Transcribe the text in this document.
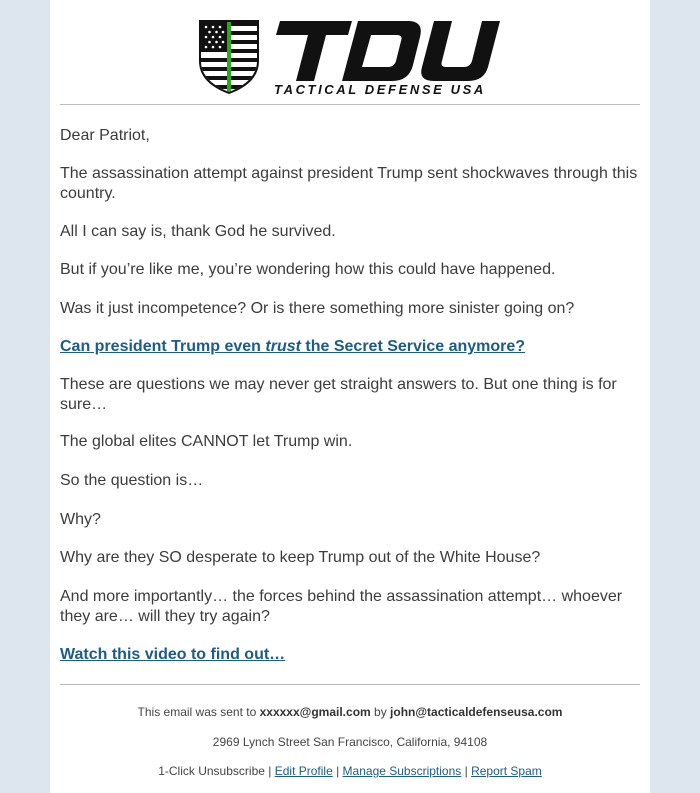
TACTICAL DEFENSE USA

Dear Patriot,

The assassination attempt against president Trump sent shockwaves through this country.

All I can say is, thank God he survived.

But if you’re like me, you’re wondering how this could have happened.

Was it just incompetence? Or is there something more sinister going on?

Can president Trump even trust the Secret Service anymore?

These are questions we may never get straight answers to. But one thing is for sure…

The global elites CANNOT let Trump win.

So the question is…

Why?

Why are they SO desperate to keep Trump out of the White House?

And more importantly… the forces behind the assassination attempt… whoever they are… will they try again?

Watch this video to find out…

This email was sent to xxxxxx@gmail.com by john@tacticaldefenseusa.com
2969 Lynch Street San Francisco, California, 94108
1-Click Unsubscribe | Edit Profile | Manage Subscriptions | Report Spam
